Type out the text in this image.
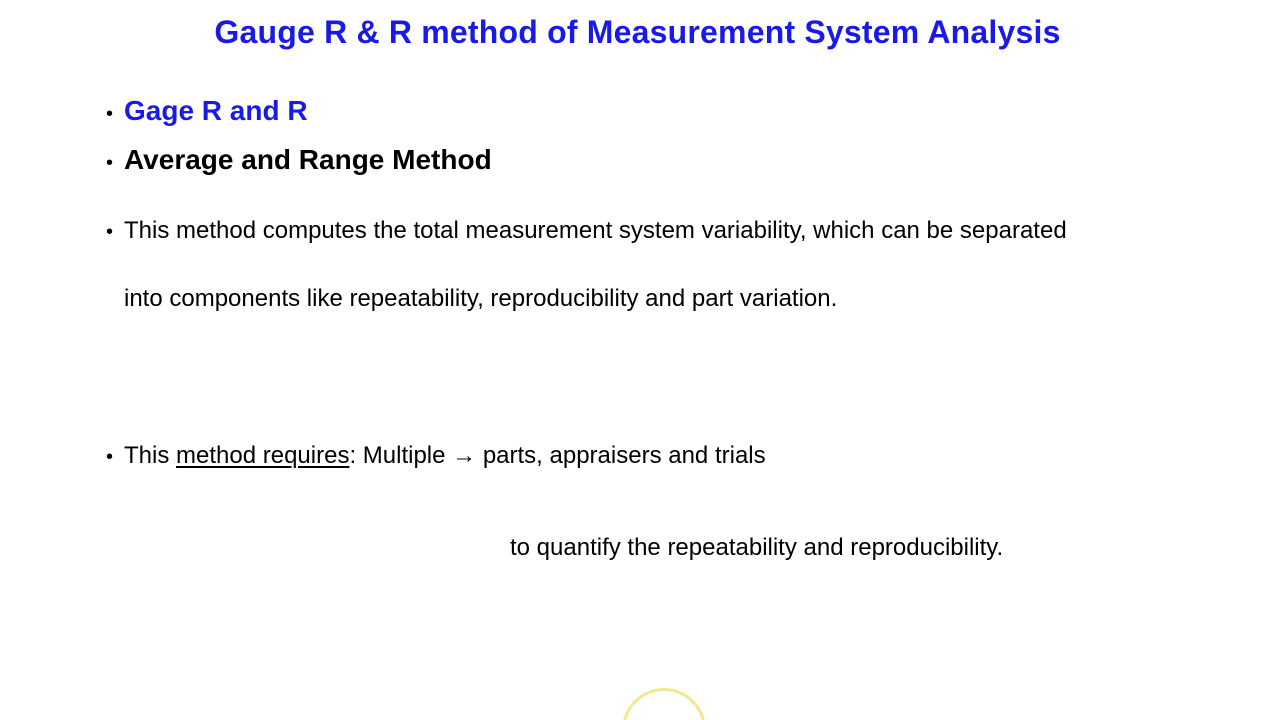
Gauge R & R method of Measurement System Analysis
• Gage R and R
• Average and Range Method
• This method computes the total measurement system variability, which can be separated
into components like repeatability, reproducibility and part variation.
• This method requires: Multiple → parts, appraisers and trials
to quantify the repeatability and reproducibility.
